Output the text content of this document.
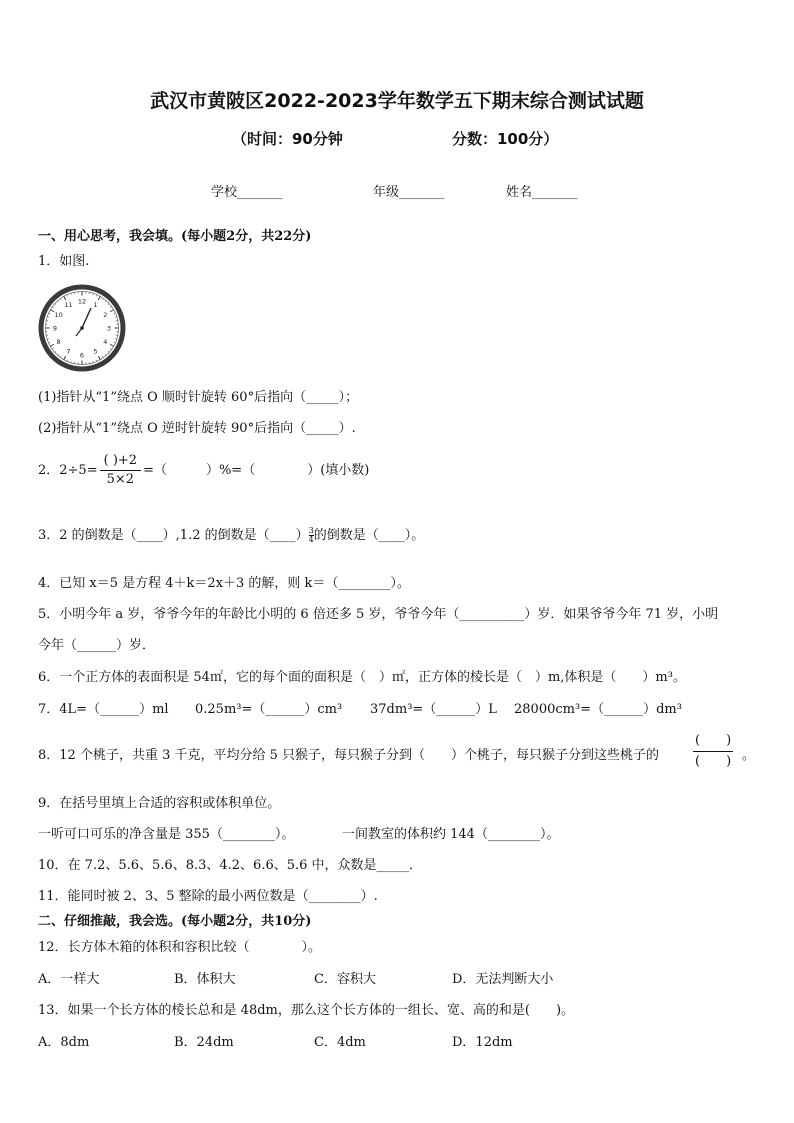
武汉市黄陂区2022-2023学年数学五下期末综合测试试题
（时间：90分钟	分数：100分）
学校_______	年级_______	姓名_______
一、用心思考，我会填。(每小题2分，共22分)
1．如图.
12 1
2
3
4
5
6
7
8
9
10
11
(1)指针从“1”绕点 O 顺时针旋转 60°后指向（_____）；
(2)指针从“1”绕点 O 逆时针旋转 90°后指向（_____）.
2．$2\div 5= \frac{( )+2}{5\times 2}$ =（　　　）%=（　　　　）(填小数)
3．2 的倒数是（____）,1.2 的倒数是（____） $\frac{3}{4}$ 的倒数是（____）。
4．已知 x＝5 是方程 4＋k＝2x＋3 的解，则 k＝（________）。
5．小明今年 a 岁，爷爷今年的年龄比小明的 6 倍还多 5 岁，爷爷今年（__________）岁．如果爷爷今年 71 岁，小明
今年（______）岁．
6．一个正方体的表面积是 54㎡，它的每个面的面积是（　）㎡，正方体的棱长是（　）m,体积是（　　）m³。
7．4L=（______）ml 0.25m³=（______）cm³ 37dm³=（______）L 28000cm³=（______）dm³
8．12 个桃子，共重 3 千克，平均分给 5 只猴子，每只猴子分到（　　）个桃子，每只猴子分到这些桃子的
(　　)
(　　) 。
9．在括号里填上合适的容积或体积单位。
一听可口可乐的净含量是 355（________）。	一间教室的体积约 144（________）。
10．在 7.2、5.6、5.6、8.3、4.2、6.6、5.6 中，众数是_____．
11．能同时被 2、3、5 整除的最小两位数是（________）.
二、仔细推敲，我会选。(每小题2分，共10分)
12．长方体木箱的体积和容积比较（　　　　）。
A．一样大	B．体积大	C．容积大	D．无法判断大小
13．如果一个长方体的棱长总和是 48dm，那么这个长方体的一组长、宽、高的和是(　　)。
A．8dm	B．24dm	C．4dm	D．12dm
